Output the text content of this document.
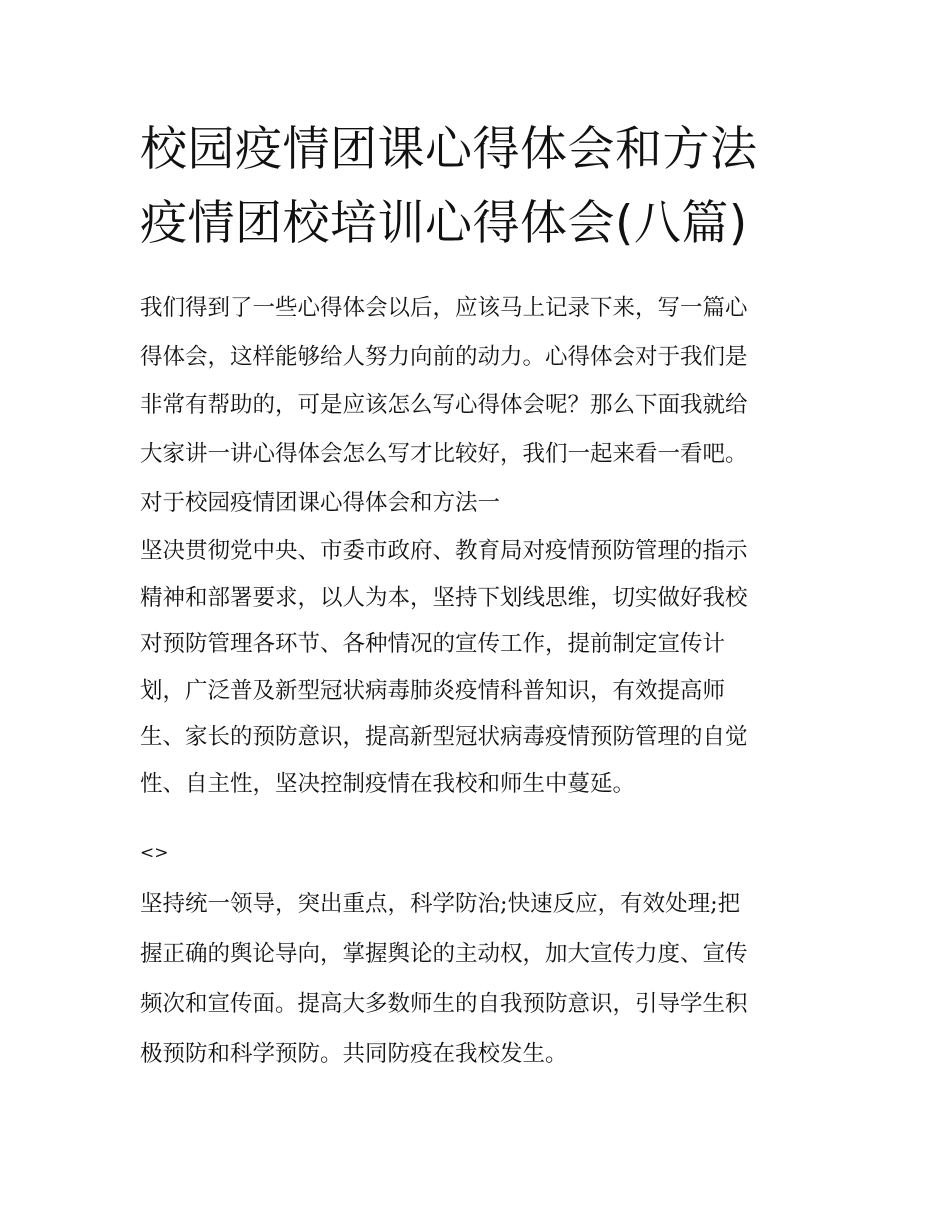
校园疫情团课心得体会和方法
疫情团校培训心得体会(八篇)
我们得到了一些心得体会以后，应该马上记录下来，写一篇心
得体会，这样能够给人努力向前的动力。心得体会对于我们是
非常有帮助的，可是应该怎么写心得体会呢？那么下面我就给
大家讲一讲心得体会怎么写才比较好，我们一起来看一看吧。
对于校园疫情团课心得体会和方法一
坚决贯彻党中央、市委市政府、教育局对疫情预防管理的指示
精神和部署要求，以人为本，坚持下划线思维，切实做好我校
对预防管理各环节、各种情况的宣传工作，提前制定宣传计
划，广泛普及新型冠状病毒肺炎疫情科普知识，有效提高师
生、家长的预防意识，提高新型冠状病毒疫情预防管理的自觉
性、自主性，坚决控制疫情在我校和师生中蔓延。
<>
坚持统一领导，突出重点，科学防治;快速反应，有效处理;把
握正确的舆论导向，掌握舆论的主动权，加大宣传力度、宣传
频次和宣传面。提高大多数师生的自我预防意识，引导学生积
极预防和科学预防。共同防疫在我校发生。
